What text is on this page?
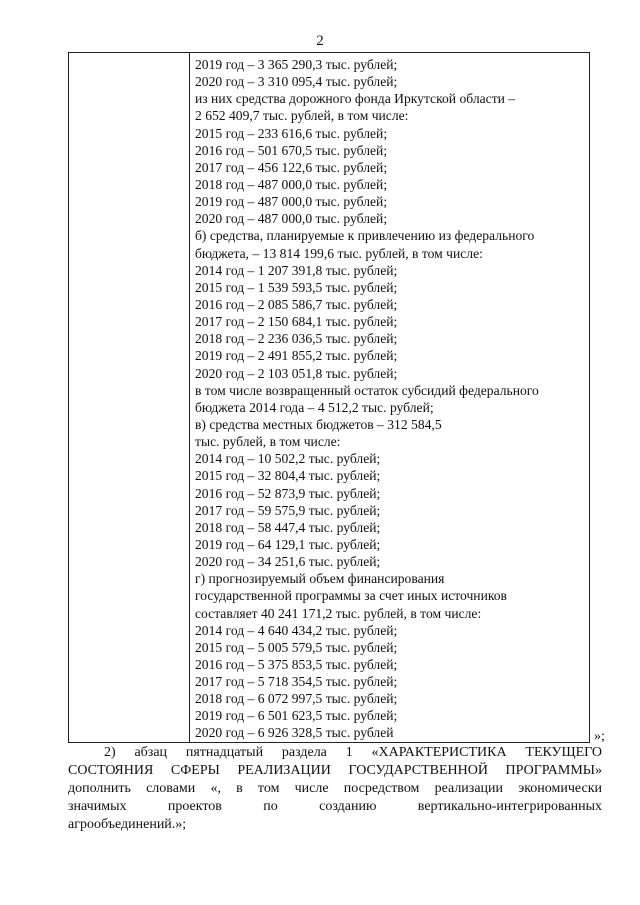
2
2019 год – 3 365 290,3 тыс. рублей;
2020 год – 3 310 095,4 тыс. рублей;
из них средства дорожного фонда Иркутской области –
2 652 409,7 тыс. рублей, в том числе:
2015 год – 233 616,6 тыс. рублей;
2016 год – 501 670,5 тыс. рублей;
2017 год – 456 122,6 тыс. рублей;
2018 год – 487 000,0 тыс. рублей;
2019 год – 487 000,0 тыс. рублей;
2020 год – 487 000,0 тыс. рублей;
б) средства, планируемые к привлечению из федерального
бюджета, – 13 814 199,6 тыс. рублей, в том числе:
2014 год – 1 207 391,8 тыс. рублей;
2015 год – 1 539 593,5 тыс. рублей;
2016 год – 2 085 586,7 тыс. рублей;
2017 год – 2 150 684,1 тыс. рублей;
2018 год – 2 236 036,5 тыс. рублей;
2019 год – 2 491 855,2 тыс. рублей;
2020 год – 2 103 051,8 тыс. рублей;
в том числе возвращенный остаток субсидий федерального
бюджета 2014 года – 4 512,2 тыс. рублей;
в) средства местных бюджетов – 312 584,5
тыс. рублей, в том числе:
2014 год – 10 502,2 тыс. рублей;
2015 год – 32 804,4 тыс. рублей;
2016 год – 52 873,9 тыс. рублей;
2017 год – 59 575,9 тыс. рублей;
2018 год – 58 447,4 тыс. рублей;
2019 год – 64 129,1 тыс. рублей;
2020 год – 34 251,6 тыс. рублей;
г) прогнозируемый объем финансирования
государственной программы за счет иных источников
составляет 40 241 171,2 тыс. рублей, в том числе:
2014 год – 4 640 434,2 тыс. рублей;
2015 год – 5 005 579,5 тыс. рублей;
2016 год – 5 375 853,5 тыс. рублей;
2017 год – 5 718 354,5 тыс. рублей;
2018 год – 6 072 997,5 тыс. рублей;
2019 год – 6 501 623,5 тыс. рублей;
2020 год – 6 926 328,5 тыс. рублей	»;
2) абзац пятнадцатый раздела 1 «ХАРАКТЕРИСТИКА ТЕКУЩЕГО
СОСТОЯНИЯ СФЕРЫ РЕАЛИЗАЦИИ ГОСУДАРСТВЕННОЙ ПРОГРАММЫ»
дополнить словами «, в том числе посредством реализации экономически
значимых проектов по созданию вертикально-интегрированных
агрообъединений.»;
